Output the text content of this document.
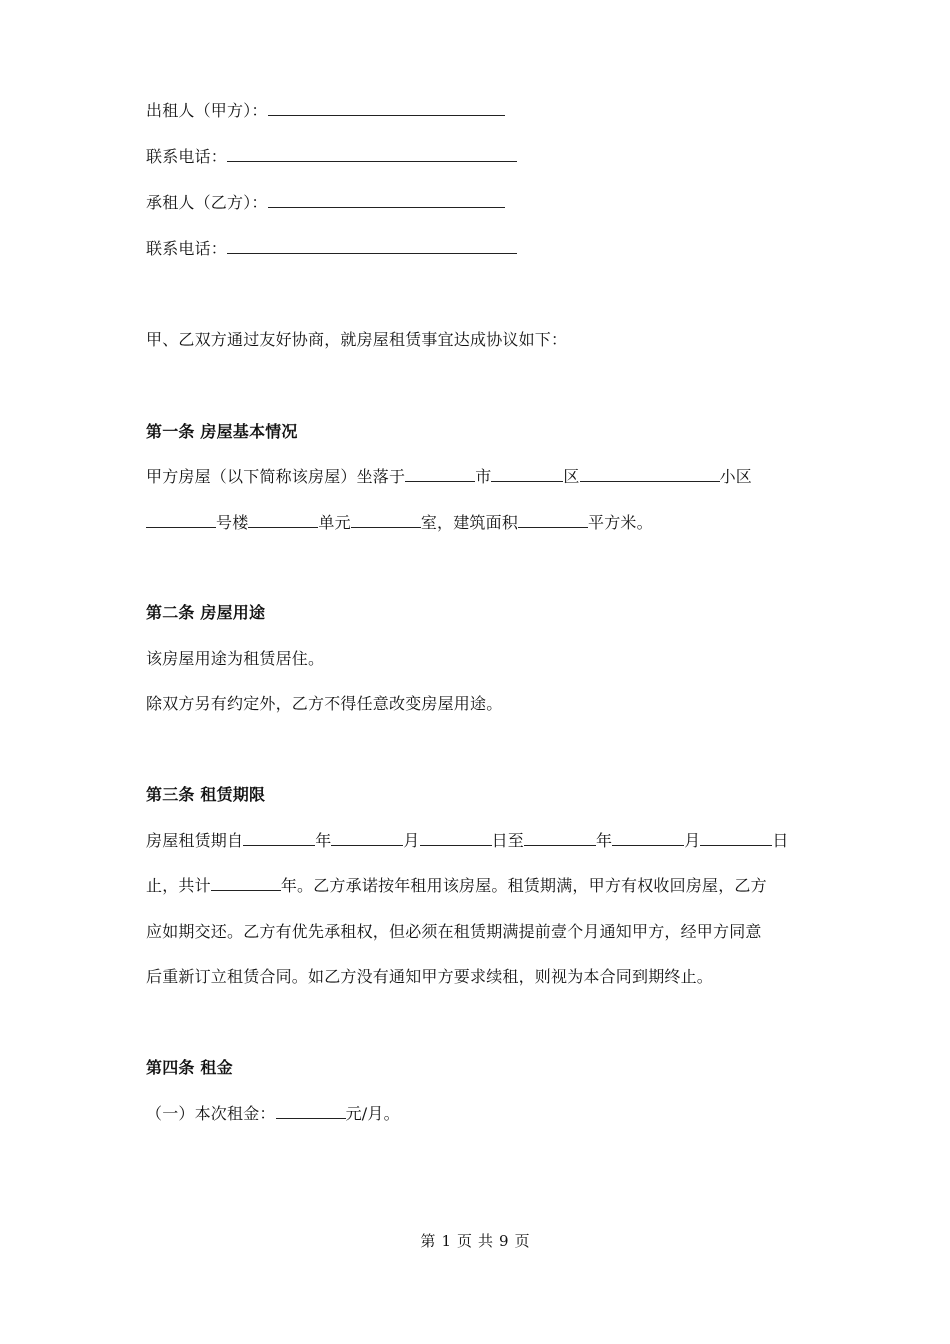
出租人（甲方）：
联系电话：
承租人（乙方）：
联系电话：
甲、乙双方通过友好协商，就房屋租赁事宜达成协议如下：
第一条 房屋基本情况
甲方房屋（以下简称该房屋）坐落于	市	区	小区
号楼	单元	室，建筑面积	平方米。
第二条 房屋用途
该房屋用途为租赁居住。
除双方另有约定外，乙方不得任意改变房屋用途。
第三条 租赁期限
房屋租赁期自	年	月	日至	年	月	日
止，共计	年。乙方承诺按年租用该房屋。租赁期满，甲方有权收回房屋，乙方
应如期交还。乙方有优先承租权，但必须在租赁期满提前壹个月通知甲方，经甲方同意
后重新订立租赁合同。如乙方没有通知甲方要求续租，则视为本合同到期终止。
第四条 租金
（一）本次租金：	元/月。
第 1 页 共 9 页
